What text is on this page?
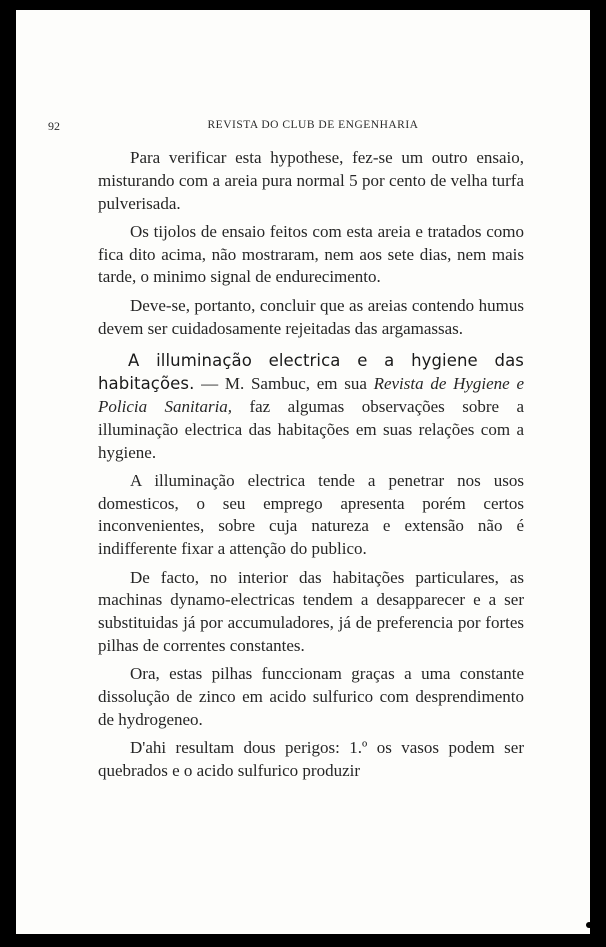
92	REVISTA DO CLUB DE ENGENHARIA

Para verificar esta hypothese, fez-se um outro ensaio, misturando com a areia pura normal 5 por cento de velha turfa pulverisada.

Os tijolos de ensaio feitos com esta areia e tratados como fica dito acima, não mostraram, nem aos sete dias, nem mais tarde, o minimo signal de endurecimento.

Deve-se, portanto, concluir que as areias contendo humus devem ser cuidadosamente rejeitadas das argamassas.

A illuminação electrica e a hygiene das habitações. — M. Sambuc, em sua Revista de Hygiene e Policia Sanitaria, faz algumas observações sobre a illuminação electrica das habitações em suas relações com a hygiene.

A illuminação electrica tende a penetrar nos usos domesticos, o seu emprego apresenta porém certos inconvenientes, sobre cuja natureza e extensão não é indifferente fixar a attenção do publico.

De facto, no interior das habitações particulares, as machinas dynamo-electricas tendem a desapparecer e a ser substituidas já por accumuladores, já de preferencia por fortes pilhas de correntes constantes.

Ora, estas pilhas funccionam graças a uma constante dissolução de zinco em acido sulfurico com desprendimento de hydrogeneo.

D'ahi resultam dous perigos: 1.º os vasos podem ser quebrados e o acido sulfurico produzir
